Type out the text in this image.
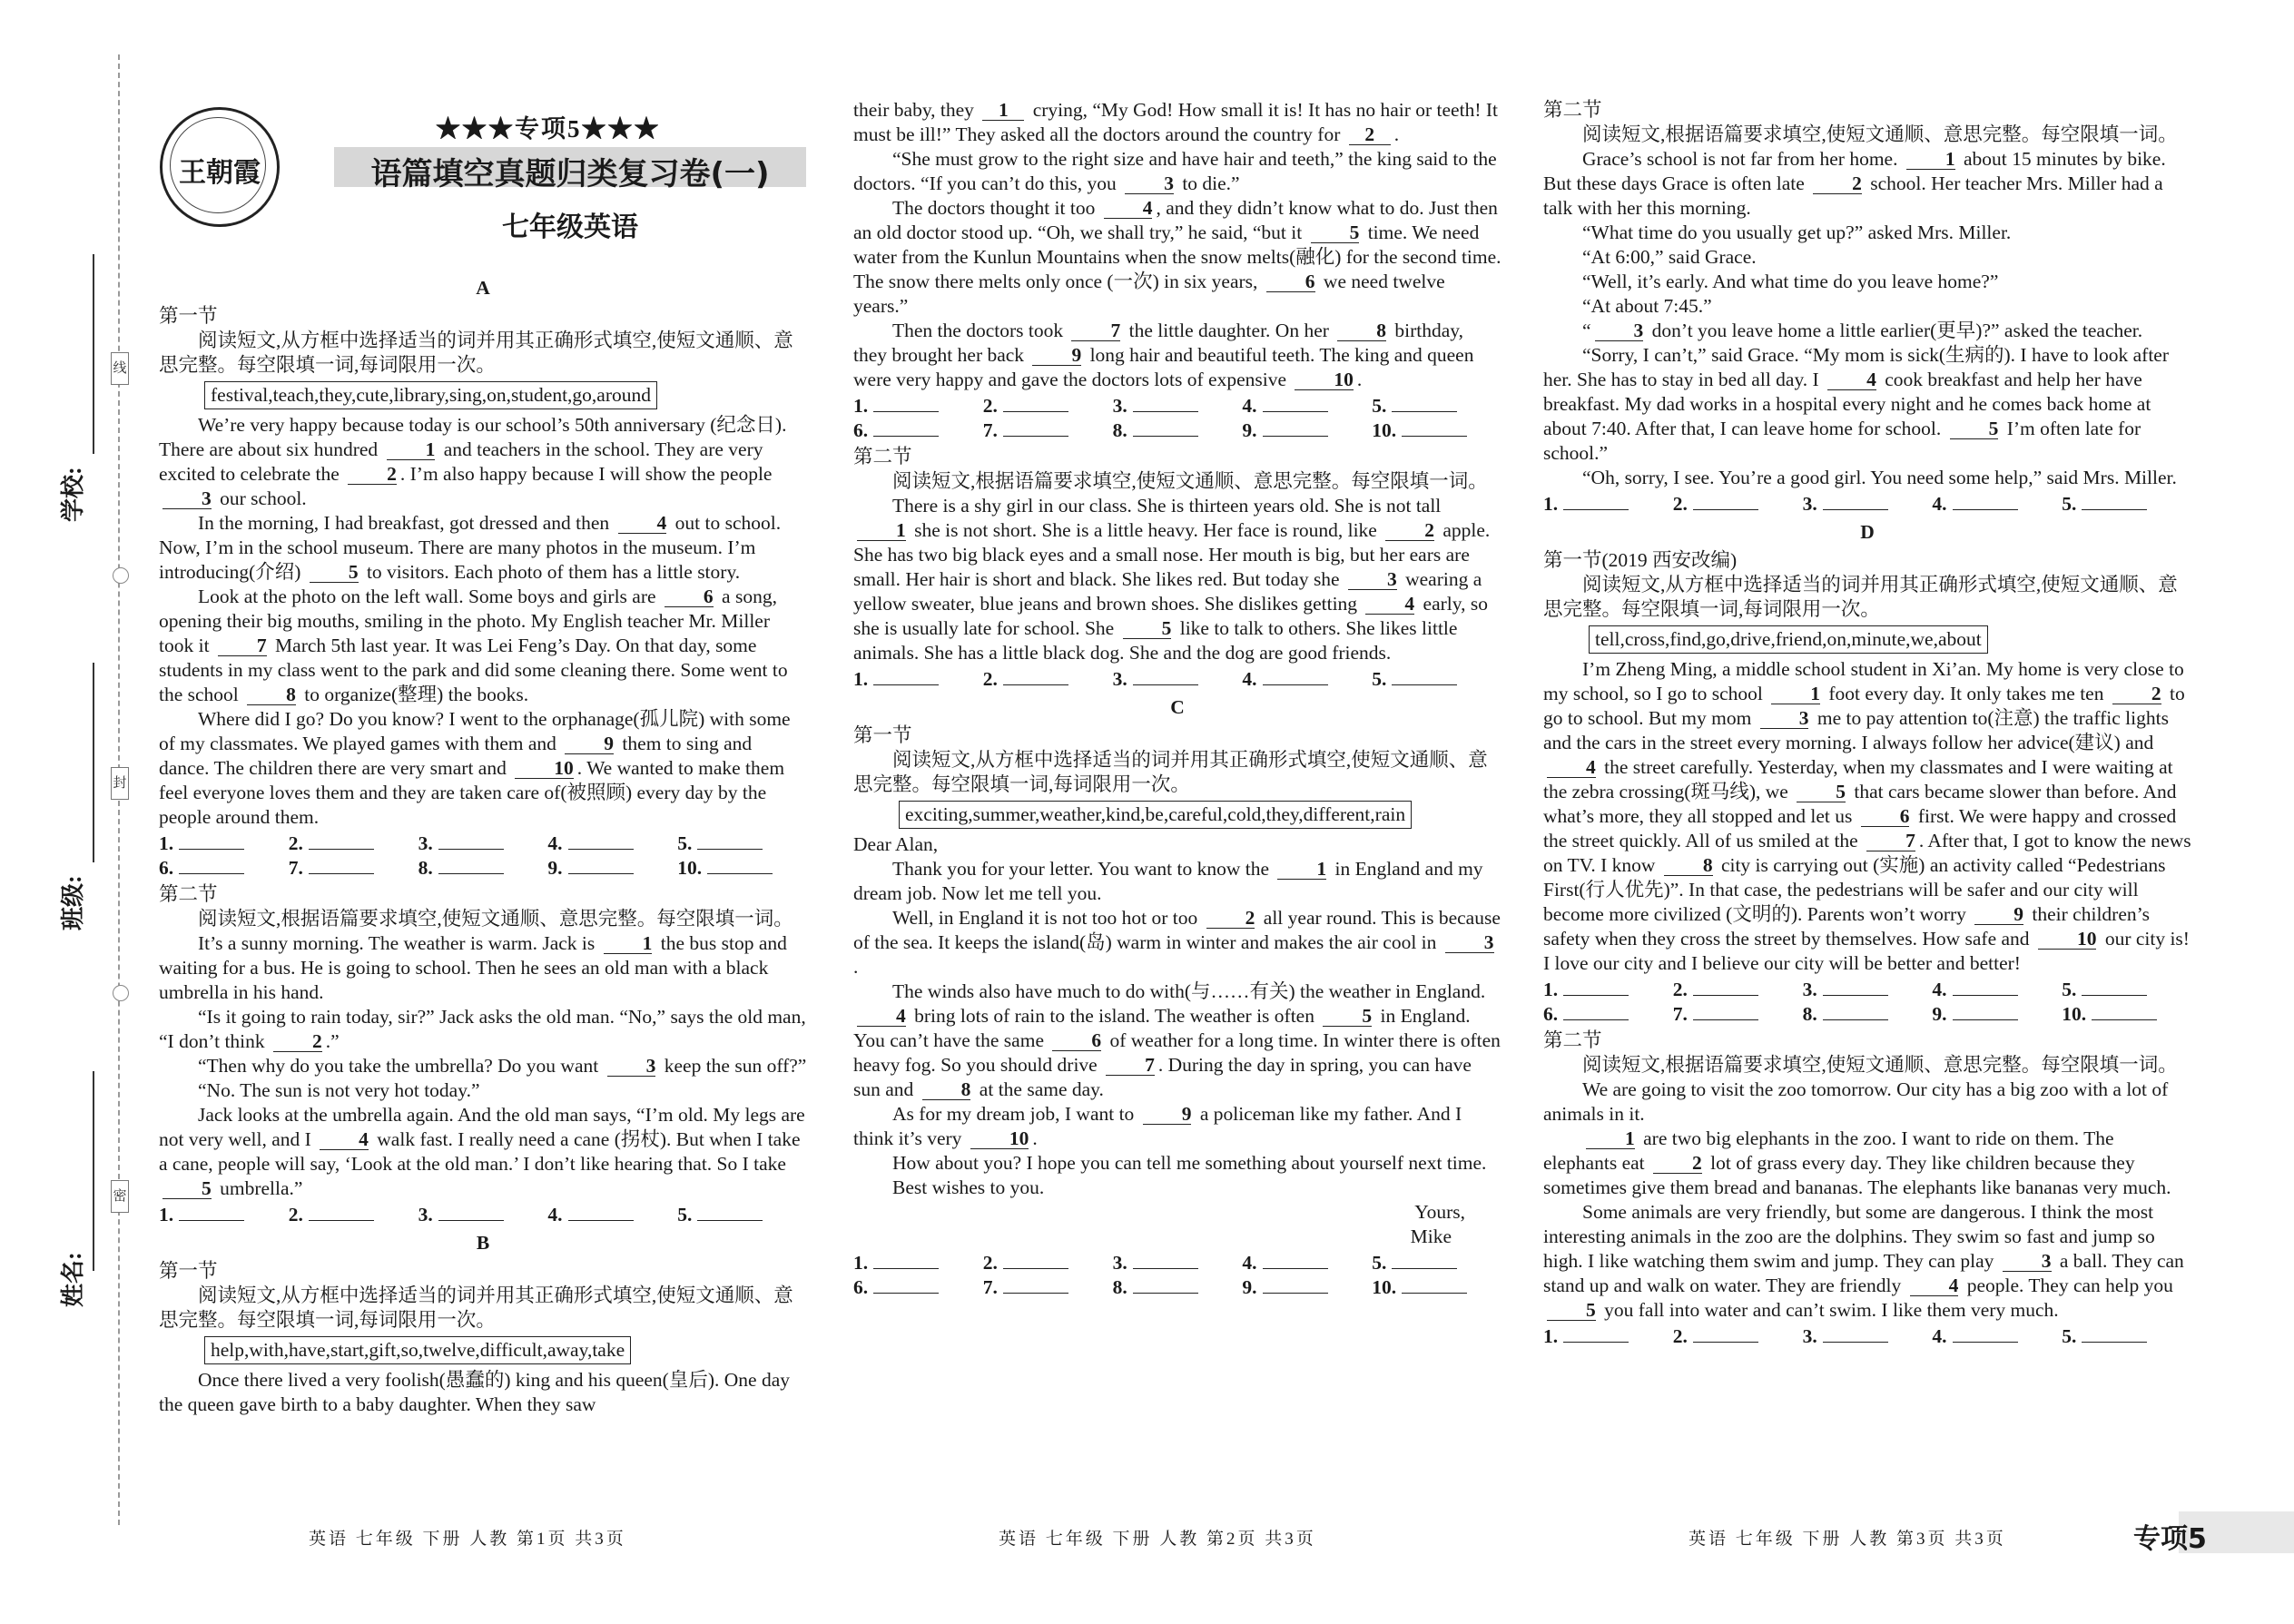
线
封
密
学校:
班级:
姓名:
王朝霞
★★★专项5★★★
语篇填空真题归类复习卷(一)
七年级英语
A

第一节

阅读短文,从方框中选择适当的词并用其正确形式填空,使短文通顺、意思完整。每空限填一词,每词限用一次。

festival,teach,they,cute,library,sing,on,student,go,around

We’re very happy because today is our school’s 50th anniversary (纪念日). There are about six hundred 1 and teachers in the school. They are very excited to celebrate the 2 . I’m also happy because I will show the people 3 our school.

In the morning, I had breakfast, got dressed and then 4 out to school. Now, I’m in the school museum. There are many photos in the museum. I’m introducing(介绍) 5 to visitors. Each photo of them has a little story.

Look at the photo on the left wall. Some boys and girls are 6 a song, opening their big mouths, smiling in the photo. My English teacher Mr. Miller took it 7 March 5th last year. It was Lei Feng’s Day. On that day, some students in my class went to the park and did some cleaning there. Some went to the school 8 to organize(整理) the books.

Where did I go? Do you know? I went to the orphanage(孤儿院) with some of my classmates. We played games with them and 9 them to sing and dance. The children there are very smart and 10 . We wanted to make them feel everyone loves them and they are taken care of(被照顾) every day by the people around them.

1.	2.	3.	4.	5.
6.	7.	8.	9.	10.

第二节

阅读短文,根据语篇要求填空,使短文通顺、意思完整。每空限填一词。

It’s a sunny morning. The weather is warm. Jack is 1 the bus stop and waiting for a bus. He is going to school. Then he sees an old man with a black umbrella in his hand.

“Is it going to rain today, sir?” Jack asks the old man. “No,” says the old man, “I don’t think 2 .”

“Then why do you take the umbrella? Do you want 3 keep the sun off?”

“No. The sun is not very hot today.”

Jack looks at the umbrella again. And the old man says, “I’m old. My legs are not very well, and I 4 walk fast. I really need a cane (拐杖). But when I take a cane, people will say, ‘Look at the old man.’ I don’t like hearing that. So I take 5 umbrella.”

1.	2.	3.	4.	5.
B

第一节

阅读短文,从方框中选择适当的词并用其正确形式填空,使短文通顺、意思完整。每空限填一词,每词限用一次。

help,with,have,start,gift,so,twelve,difficult,away,take

Once there lived a very foolish(愚蠢的) king and his queen(皇后). One day the queen gave birth to a baby daughter. When they saw

their baby, they 1 crying, “My God! How small it is! It has no hair or teeth! It must be ill!” They asked all the doctors around the country for 2 .

“She must grow to the right size and have hair and teeth,” the king said to the doctors. “If you can’t do this, you 3 to die.”

The doctors thought it too 4 , and they didn’t know what to do. Just then an old doctor stood up. “Oh, we shall try,” he said, “but it 5 time. We need water from the Kunlun Mountains when the snow melts(融化) for the second time. The snow there melts only once (一次) in six years, 6 we need twelve years.”

Then the doctors took 7 the little daughter. On her 8 birthday, they brought her back 9 long hair and beautiful teeth. The king and queen were very happy and gave the doctors lots of expensive 10 .

1.	2.	3.	4.	5.
6.	7.	8.	9.	10.

第二节

阅读短文,根据语篇要求填空,使短文通顺、意思完整。每空限填一词。

There is a shy girl in our class. She is thirteen years old. She is not tall 1 she is not short. She is a little heavy. Her face is round, like 2 apple. She has two big black eyes and a small nose. Her mouth is big, but her ears are small. Her hair is short and black. She likes red. But today she 3 wearing a yellow sweater, blue jeans and brown shoes. She dislikes getting 4 early, so she is usually late for school. She 5 like to talk to others. She likes little animals. She has a little black dog. She and the dog are good friends.

1.	2.	3.	4.	5.
C

第一节

阅读短文,从方框中选择适当的词并用其正确形式填空,使短文通顺、意思完整。每空限填一词,每词限用一次。

exciting,summer,weather,kind,be,careful,cold,they,different,rain

Dear Alan,

Thank you for your letter. You want to know the 1 in England and my dream job. Now let me tell you.

Well, in England it is not too hot or too 2 all year round. This is because of the sea. It keeps the island(岛) warm in winter and makes the air cool in 3.

The winds also have much to do with(与……有关) the weather in England. 4 bring lots of rain to the island. The weather is often 5 in England. You can’t have the same 6 of weather for a long time. In winter there is often heavy fog. So you should drive 7 . During the day in spring, you can have sun and 8 at the same day.

As for my dream job, I want to 9 a policeman like my father. And I think it’s very 10 .

How about you? I hope you can tell me something about yourself next time.

Best wishes to you.

Yours,

Mike

1.	2.	3.	4.	5.
6.	7.	8.	9.	10.

第二节

阅读短文,根据语篇要求填空,使短文通顺、意思完整。每空限填一词。

Grace’s school is not far from her home. 1 about 15 minutes by bike. But these days Grace is often late 2 school. Her teacher Mrs. Miller had a talk with her this morning.

“What time do you usually get up?” asked Mrs. Miller.

“At 6:00,” said Grace.

“Well, it’s early. And what time do you leave home?”

“At about 7:45.”

“ 3 don’t you leave home a little earlier(更早)?” asked the teacher.

“Sorry, I can’t,” said Grace. “My mom is sick(生病的). I have to look after her. She has to stay in bed all day. I 4 cook breakfast and help her have breakfast. My dad works in a hospital every night and he comes back home at about 7:40. After that, I can leave home for school. 5 I’m often late for school.”

“Oh, sorry, I see. You’re a good girl. You need some help,” said Mrs. Miller.

1.	2.	3.	4.	5.
D

第一节(2019 西安改编)

阅读短文,从方框中选择适当的词并用其正确形式填空,使短文通顺、意思完整。每空限填一词,每词限用一次。

tell,cross,find,go,drive,friend,on,minute,we,about

I’m Zheng Ming, a middle school student in Xi’an. My home is very close to my school, so I go to school 1 foot every day. It only takes me ten 2 to go to school. But my mom 3 me to pay attention to(注意) the traffic lights and the cars in the street every morning. I always follow her advice(建议) and 4 the street carefully. Yesterday, when my classmates and I were waiting at the zebra crossing(斑马线), we 5 that cars became slower than before. And what’s more, they all stopped and let us 6 first. We were happy and crossed the street quickly. All of us smiled at the 7 . After that, I got to know the news on TV. I know 8 city is carrying out (实施) an activity called “Pedestrians First(行人优先)”. In that case, the pedestrians will be safer and our city will become more civilized (文明的). Parents won’t worry 9 their children’s safety when they cross the street by themselves. How safe and 10 our city is! I love our city and I believe our city will be better and better!

1.	2.	3.	4.	5.
6.	7.	8.	9.	10.

第二节

阅读短文,根据语篇要求填空,使短文通顺、意思完整。每空限填一词。

We are going to visit the zoo tomorrow. Our city has a big zoo with a lot of animals in it.

1 are two big elephants in the zoo. I want to ride on them. The elephants eat 2 lot of grass every day. They like children because they sometimes give them bread and bananas. The elephants like bananas very much.

Some animals are very friendly, but some are dangerous. I think the most interesting animals in the zoo are the dolphins. They swim so fast and jump so high. I like watching them swim and jump. They can play 3 a ball. They can stand up and walk on water. They are friendly 4 people. They can help you 5 you fall into water and can’t swim. I like them very much.

1.	2.	3.	4.	5.
英语 七年级 下册 人教 第1页 共3页	英语 七年级 下册 人教 第2页 共3页	英语 七年级 下册 人教 第3页 共3页	专项5
